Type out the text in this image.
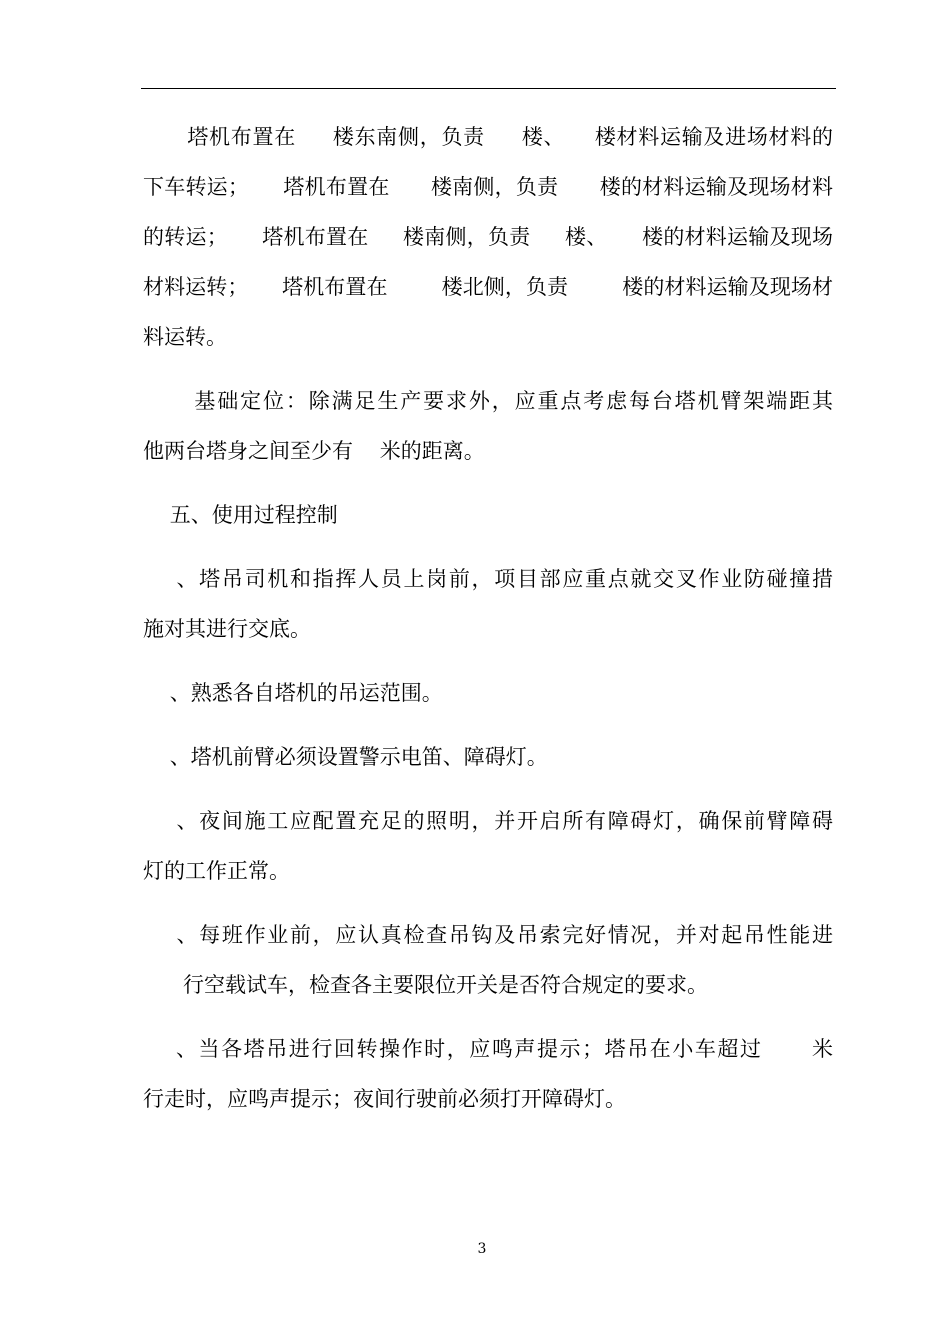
塔机布置在     楼东南侧，负责     楼、    楼材料运输及进场材料的
下车转运；     塔机布置在      楼南侧，负责      楼的材料运输及现场材料
的转运；     塔机布置在     楼南侧，负责     楼、     楼的材料运输及现场
材料运转；     塔机布置在        楼北侧，负责        楼的材料运输及现场材
料运转。

基础定位：除满足生产要求外，应重点考虑每台塔机臂架端距其
他两台塔身之间至少有    米的距离。

五、使用过程控制

、塔吊司机和指挥人员上岗前，项目部应重点就交叉作业防碰撞措
施对其进行交底。

、熟悉各自塔机的吊运范围。

、塔机前臂必须设置警示电笛、障碍灯。

、夜间施工应配置充足的照明，并开启所有障碍灯，确保前臂障碍
灯的工作正常。

、每班作业前，应认真检查吊钩及吊索完好情况，并对起吊性能进
行空载试车，检查各主要限位开关是否符合规定的要求。

、当各塔吊进行回转操作时，应鸣声提示；塔吊在小车超过      米
行走时，应鸣声提示；夜间行驶前必须打开障碍灯。

　3　
